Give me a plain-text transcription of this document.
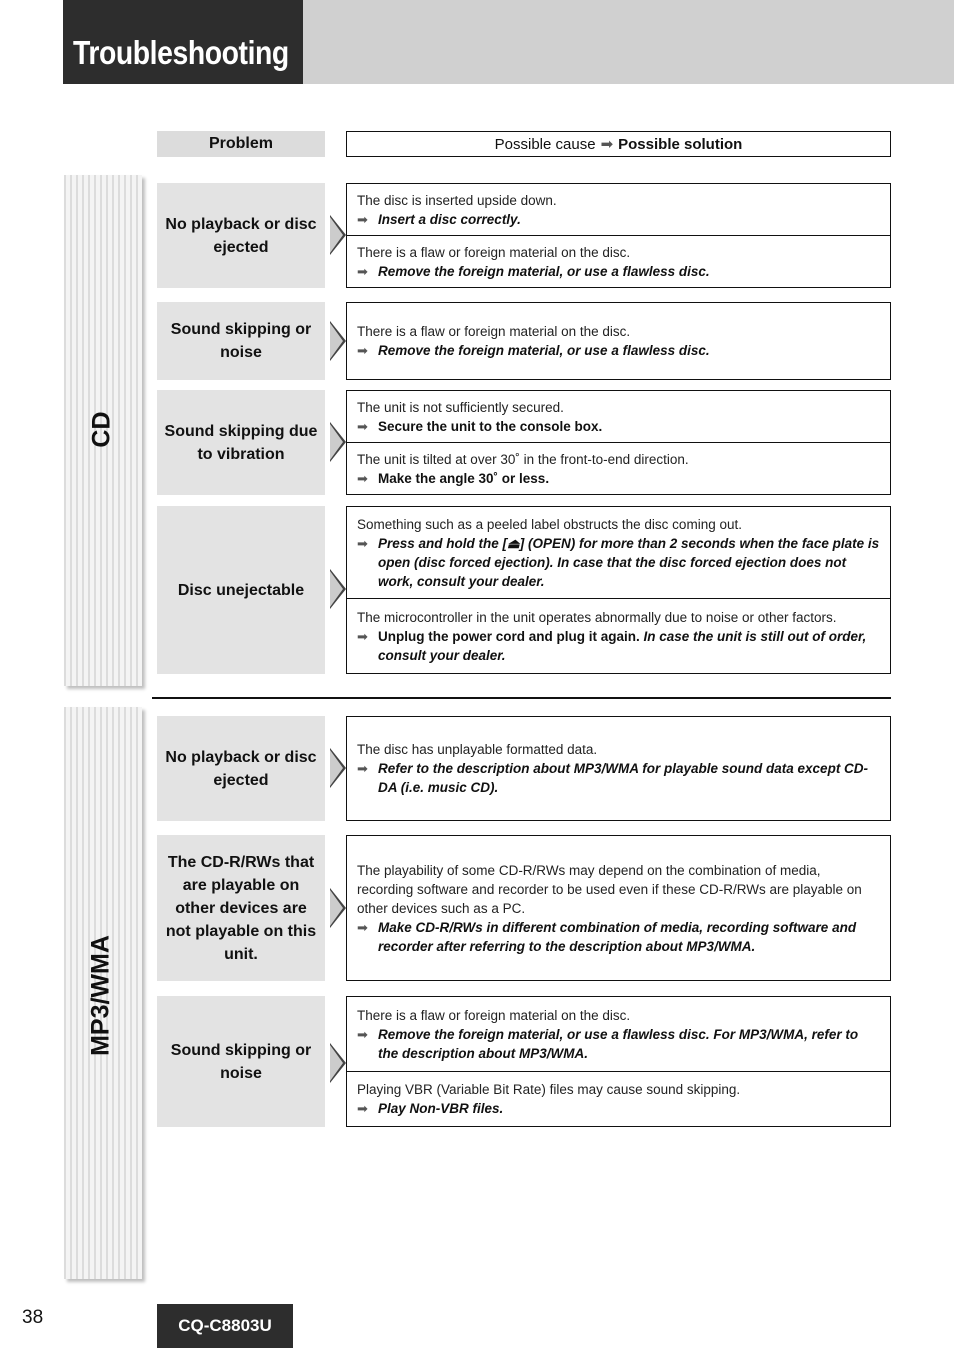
Troubleshooting
CD
MP3/WMA
Problem	Possible cause ➡ Possible solution
No playback or disc ejected
The disc is inserted upside down.
➡ Insert a disc correctly.
There is a flaw or foreign material on the disc.
➡ Remove the foreign material, or use a flawless disc.
Sound skipping or noise
There is a flaw or foreign material on the disc.
➡ Remove the foreign material, or use a flawless disc.
Sound skipping due to vibration
The unit is not sufficiently secured.
➡ Secure the unit to the console box.
The unit is tilted at over 30˚ in the front-to-end direction.
➡ Make the angle 30˚ or less.
Disc unejectable
Something such as a peeled label obstructs the disc coming out.
➡ Press and hold the [⏏] (OPEN) for more than 2 seconds when the face plate is open (disc forced ejection). In case that the disc forced ejection does not work, consult your dealer.
The microcontroller in the unit operates abnormally due to noise or other factors.
➡ Unplug the power cord and plug it again. In case the unit is still out of order, consult your dealer.
No playback or disc ejected
The disc has unplayable formatted data.
➡ Refer to the description about MP3/WMA for playable sound data except CD-DA (i.e. music CD).
The CD-R/RWs that are playable on other devices are not playable on this unit.
The playability of some CD-R/RWs may depend on the combination of media, recording software and recorder to be used even if these CD-R/RWs are playable on other devices such as a PC.
➡ Make CD-R/RWs in different combination of media, recording software and recorder after referring to the description about MP3/WMA.
Sound skipping or noise
There is a flaw or foreign material on the disc.
➡ Remove the foreign material, or use a flawless disc. For MP3/WMA, refer to the description about MP3/WMA.
Playing VBR (Variable Bit Rate) files may cause sound skipping.
➡ Play Non-VBR files.
38	CQ-C8803U
